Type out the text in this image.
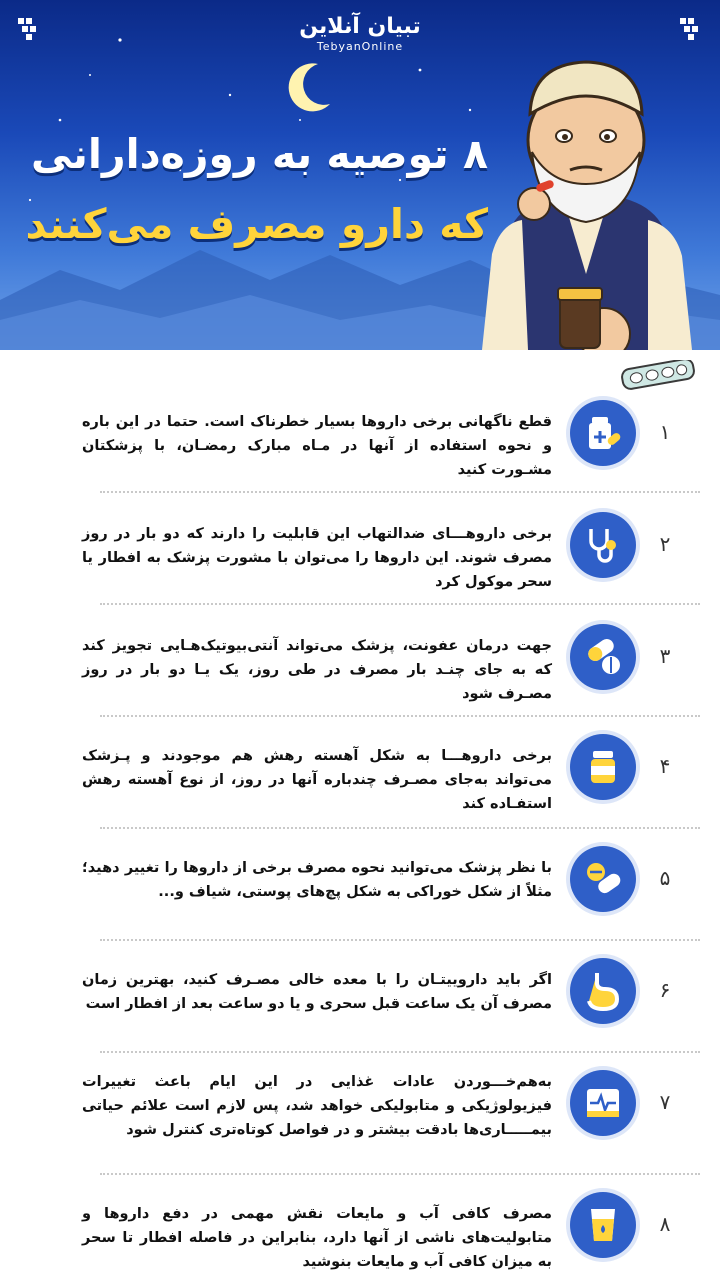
تبیان آنلاین
TebyanOnline
۸ توصیه به روزه‌دارانی
که دارو مصرف می‌کنند
۱
قطع ناگهانی برخی داروها بسیار خطرناک است. حتما در این باره و نحوه استفاده از آنها در مـاه مبارک رمضـان، با پزشکتان مشـورت کنید
۲
برخی داروهـــای ضدالتهاب این قابلیت را دارند که دو بار در روز مصرف شوند. این داروها را می‌توان با مشورت پزشک به افطار یا سحر موکول کرد
۳
جهت درمان عفونت، پزشک می‌تواند آنتی‌بیوتیک‌هـایی تجویز کند که به جای چنـد بار مصرف در طی روز، یک یـا دو بار در روز مصـرف شود
۴
برخی داروهـــا به شکل آهسته رهش هم موجودند و پـزشک می‌تواند به‌جای مصـرف چندباره آنها در روز، از نوع آهسته رهش استفـاده کند
۵
با نظر پزشک می‌توانید نحوه مصرف برخی از داروها را تغییر دهید؛ مثلاً از شکل خوراکی به شکل پچ‌های پوستی، شیاف و...
۶
اگر باید داروییتـان را با معده خالی مصـرف کنید، بهترین زمان مصرف آن یک ساعت قبل سحری و یا دو ساعت بعد از افطار است
۷
به‌هم‌خـــوردن عادات غذایی در این ایام باعث تغییرات فیزیولوژیکی و متابولیکی خواهد شد، پس لازم است علائم حیاتی بیمـــــاری‌ها بادقت بیشتر و در فواصل کوتاه‌تری کنترل شود
۸
مصرف کافی آب و مایعات نقش مهمی در دفع داروها و متابولیت‌های ناشی از آنها دارد، بنابراین در فاصله افطار تا سحر به میزان کافی آب و مایعات بنوشید
